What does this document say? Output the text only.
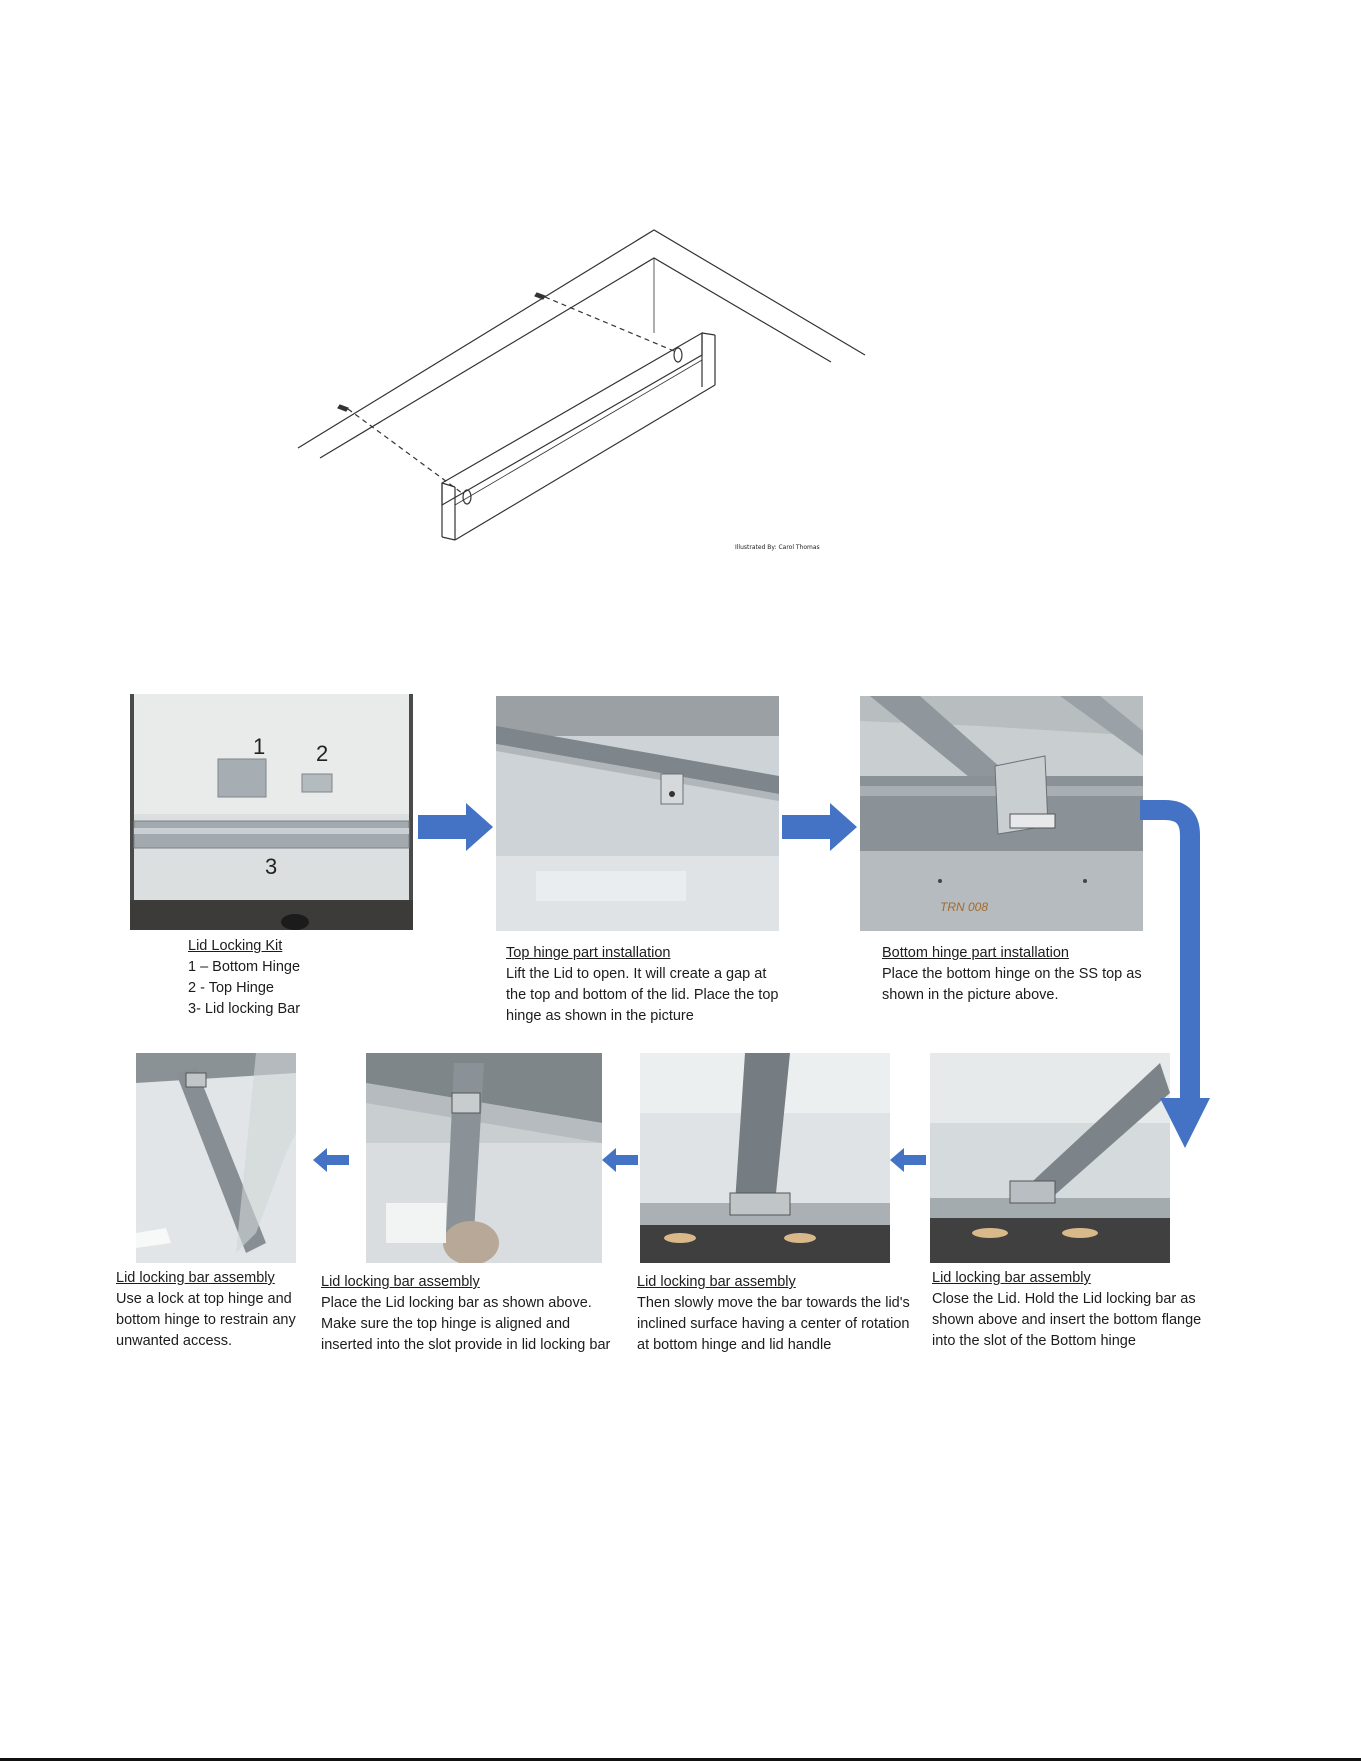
Illustrated By: Carol Thomas
1 2
3
TRN 008
Lid Locking Kit
1 – Bottom Hinge
2 - Top Hinge
3- Lid locking Bar
Top hinge part installation
Lift the Lid to open. It will create a gap at
the top and bottom of the lid. Place the top
hinge as shown in the picture
Bottom hinge part installation
Place the bottom hinge on the SS top as
shown in the picture above.
Lid locking bar assembly
Close the Lid. Hold the Lid locking bar as
shown above and insert the bottom flange
into the slot of the Bottom hinge
Lid locking bar assembly
Then slowly move the bar towards the lid's
inclined surface having a center of rotation
at bottom hinge and lid handle
Lid locking bar assembly
Place the Lid locking bar as shown above.
Make sure the top hinge is aligned and
inserted into the slot provide in lid locking bar
Lid locking bar assembly
Use a lock at top hinge and
bottom hinge to restrain any
unwanted access.
